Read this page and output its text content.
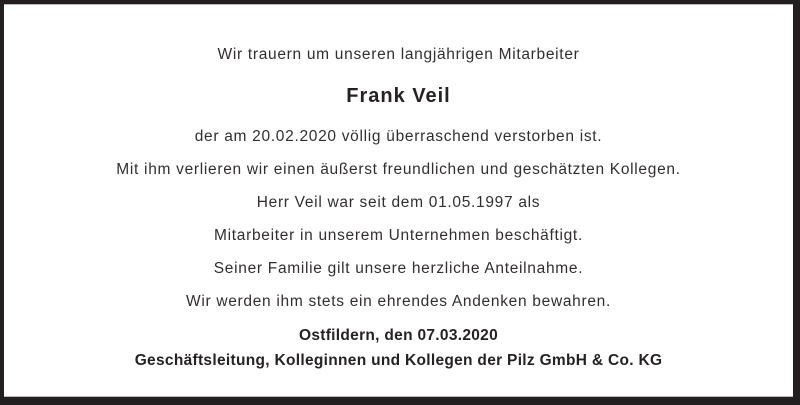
Wir trauern um unseren langjährigen Mitarbeiter

Frank Veil

der am 20.02.2020 völlig überraschend verstorben ist.

Mit ihm verlieren wir einen äußerst freundlichen und geschätzten Kollegen.

Herr Veil war seit dem 01.05.1997 als

Mitarbeiter in unserem Unternehmen beschäftigt.

Seiner Familie gilt unsere herzliche Anteilnahme.

Wir werden ihm stets ein ehrendes Andenken bewahren.

Ostfildern, den 07.03.2020

Geschäftsleitung, Kolleginnen und Kollegen der Pilz GmbH & Co. KG
